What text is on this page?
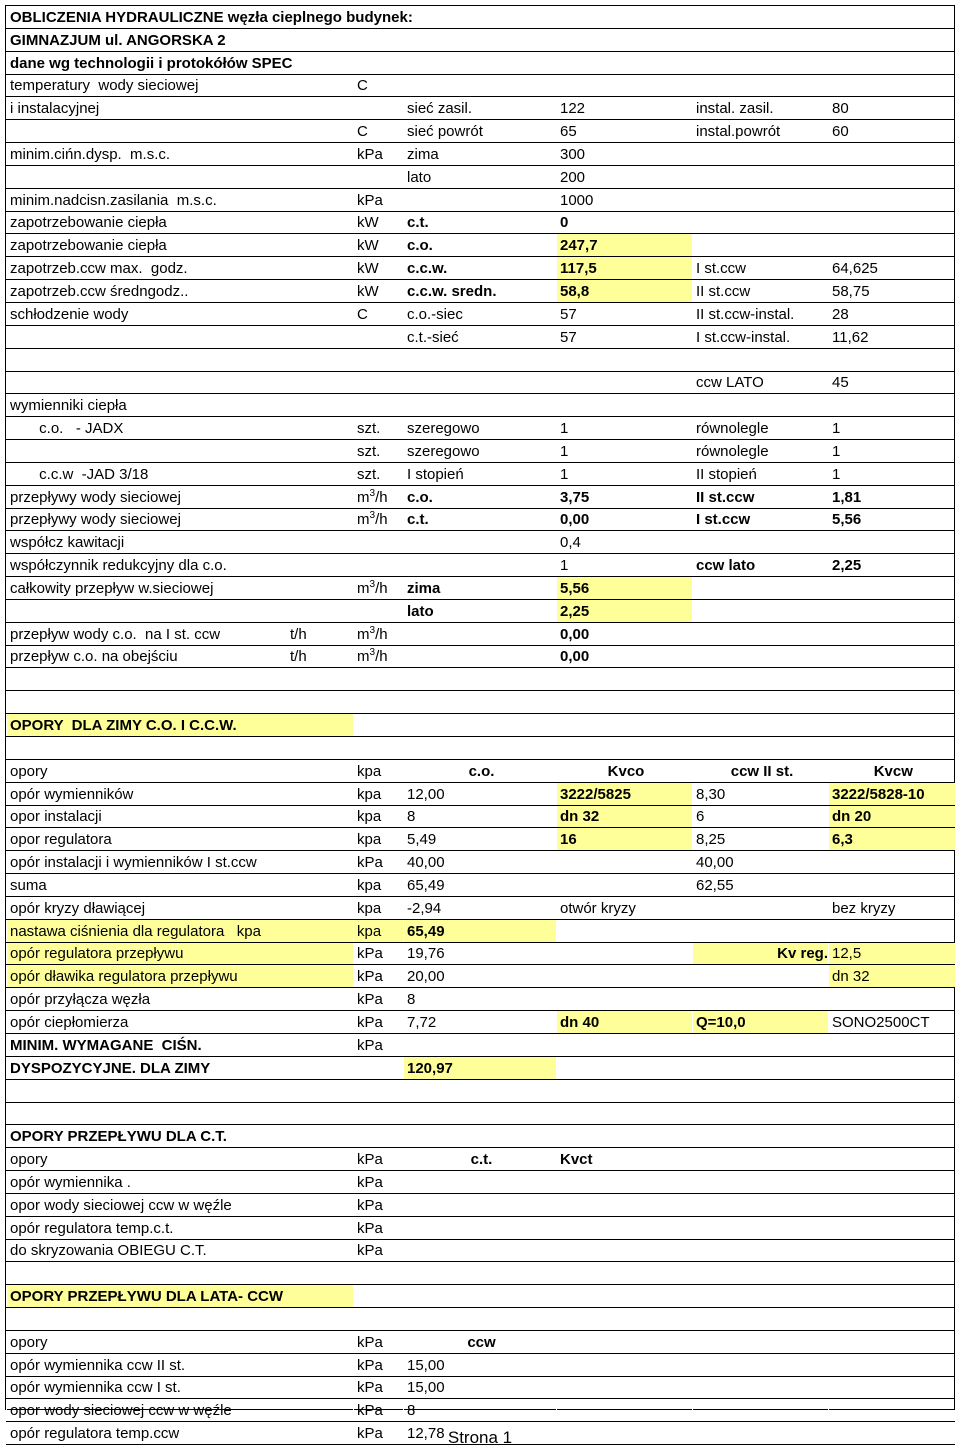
OBLICZENIA HYDRAULICZNE węzła cieplnego budynek:						
GIMNAZJUM ul. ANGORSKA 2						
dane wg technologii i protokółów SPEC						
temperatury  wody sieciowej		C				
i instalacyjnej			sieć zasil.	122	instal. zasil.	80
		C	sieć powrót	65	instal.powrót	60
minim.cińn.dysp.  m.s.c.		kPa	zima	300		
			lato	200		
minim.nadcisn.zasilania  m.s.c.		kPa		1000		
zapotrzebowanie ciepła		kW	c.t.	0		
zapotrzebowanie ciepła		kW	c.o.	247,7		
zapotrzeb.ccw max.  godz.		kW	c.c.w.	117,5	I st.ccw	64,625
zapotrzeb.ccw średngodz..		kW	c.c.w. sredn.	58,8	II st.ccw	58,75
schłodzenie wody		C	c.o.-siec	57	II st.ccw-instal.	28
			c.t.-sieć	57	I st.ccw-instal.	11,62

					ccw LATO	45
wymienniki ciepła						
c.o.   - JADX		szt.	szeregowo	1	równolegle	1
		szt.	szeregowo	1	równolegle	1
c.c.w  -JAD 3/18		szt.	I stopień	1	II stopień	1
przepływy wody sieciowej		$m^3/h$	c.o.	3,75	II st.ccw	1,81
przepływy wody sieciowej		$m^3/h$	c.t.	0,00	I st.ccw	5,56
współcz kawitacji				0,4		
współczynnik redukcyjny dla c.o.				1	ccw lato	2,25
całkowity przepływ w.sieciowej		$m^3/h$	zima	5,56		
			lato	2,25		
przepływ wody c.o.  na I st. ccw	t/h	$m^3/h$		0,00		
przepływ c.o. na obejściu	t/h	$m^3/h$		0,00		

OPORY  DLA ZIMY C.O. I C.C.W.						

opory		kpa	c.o.	Kvco	ccw II st.	Kvcw
opór wymienników		kpa	12,00	3222/5825	8,30	3222/5828-10
opor instalacji		kpa	8	dn 32	6	dn 20
opor regulatora		kpa	5,49	16	8,25	6,3
opór instalacji i wymienników I st.ccw		kPa	40,00		40,00	
suma		kpa	65,49		62,55	
opór kryzy dławiącej		kpa	-2,94	otwór kryzy		bez kryzy
nastawa ciśnienia dla regulatora   kpa		kpa	65,49			
opór regulatora przepływu		kPa	19,76		Kv reg.	12,5
opór dławika regulatora przepływu		kPa	20,00			dn 32
opór przyłącza węzła		kPa	8			
opór ciepłomierza		kPa	7,72	dn 40	Q=10,0	SONO2500CT
MINIM. WYMAGANE  CIŚN.		kPa				
DYSPOZYCYJNE. DLA ZIMY			120,97			

OPORY PRZEPŁYWU DLA C.T.						
opory		kPa	c.t.	Kvct		
opór wymiennika .		kPa				
opor wody sieciowej ccw w węźle		kPa				
opór regulatora temp.c.t.		kPa				
do skryzowania OBIEGU C.T.		kPa				

OPORY PRZEPŁYWU DLA LATA- CCW						

opory		kPa	ccw			
opór wymiennika ccw II st.		kPa	15,00			
opór wymiennika ccw I st.		kPa	15,00			
opor wody sieciowej ccw w węźle		kPa	8			
opór regulatora temp.ccw		kPa	12,78			Strona 1
